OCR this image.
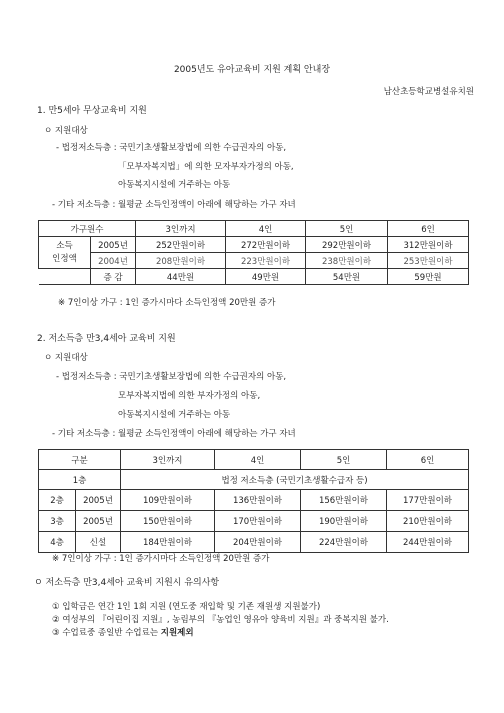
2005년도 유아교육비 지원 계획 안내장
남산초등학교병설유치원
1. 만5세아 무상교육비 지원
ㅇ 지원대상
- 법정저소득층 : 국민기초생활보장법에 의한 수급권자의 아동,
「모부자복지법」에 의한 모자부자가정의 아동,
아동복지시설에 거주하는 아동
- 기타 저소득층 : 월평균 소득인정액이 아래에 해당하는 가구 자녀
가구원수		3인까지	4인	5인	6인
소득
인정액	2005년	252만원이하	272만원이하	292만원이하	312만원이하
	2004년	208만원이하	223만원이하	238만원이하	253만원이하
	증 감	44만원	49만원	54만원	59만원
※ 7인이상 가구 : 1인 증가시마다 소득인정액 20만원 증가
2. 저소득층 만3,4세아 교육비 지원
ㅇ 지원대상
- 법정저소득층 : 국민기초생활보장법에 의한 수급권자의 아동,
모부자복지법에 의한 부자가정의 아동,
아동복지시설에 거주하는 아동
- 기타 저소득층 : 월평균 소득인정액이 아래에 해당하는 가구 자녀
구분		3인까지	4인	5인	6인
1층		법정 저소득층 (국민기초생활수급자 등)			
2층	2005년	109만원이하	136만원이하	156만원이하	177만원이하
3층	2005년	150만원이하	170만원이하	190만원이하	210만원이하
4층	신설	184만원이하	204만원이하	224만원이하	244만원이하
※ 7인이상 가구 : 1인 증가시마다 소득인정액 20만원 증가
ㅇ 저소득층 만3,4세아 교육비 지원시 유의사항
① 입학금은 연간 1인 1회 지원 (연도중 재입학 및 기존 재원생 지원불가)
② 여성부의 『어린이집 지원』, 농림부의 『농업인 영유아 양육비 지원』과 중복지원 불가.
③ 수업료중 종일반 수업료는 지원제외
